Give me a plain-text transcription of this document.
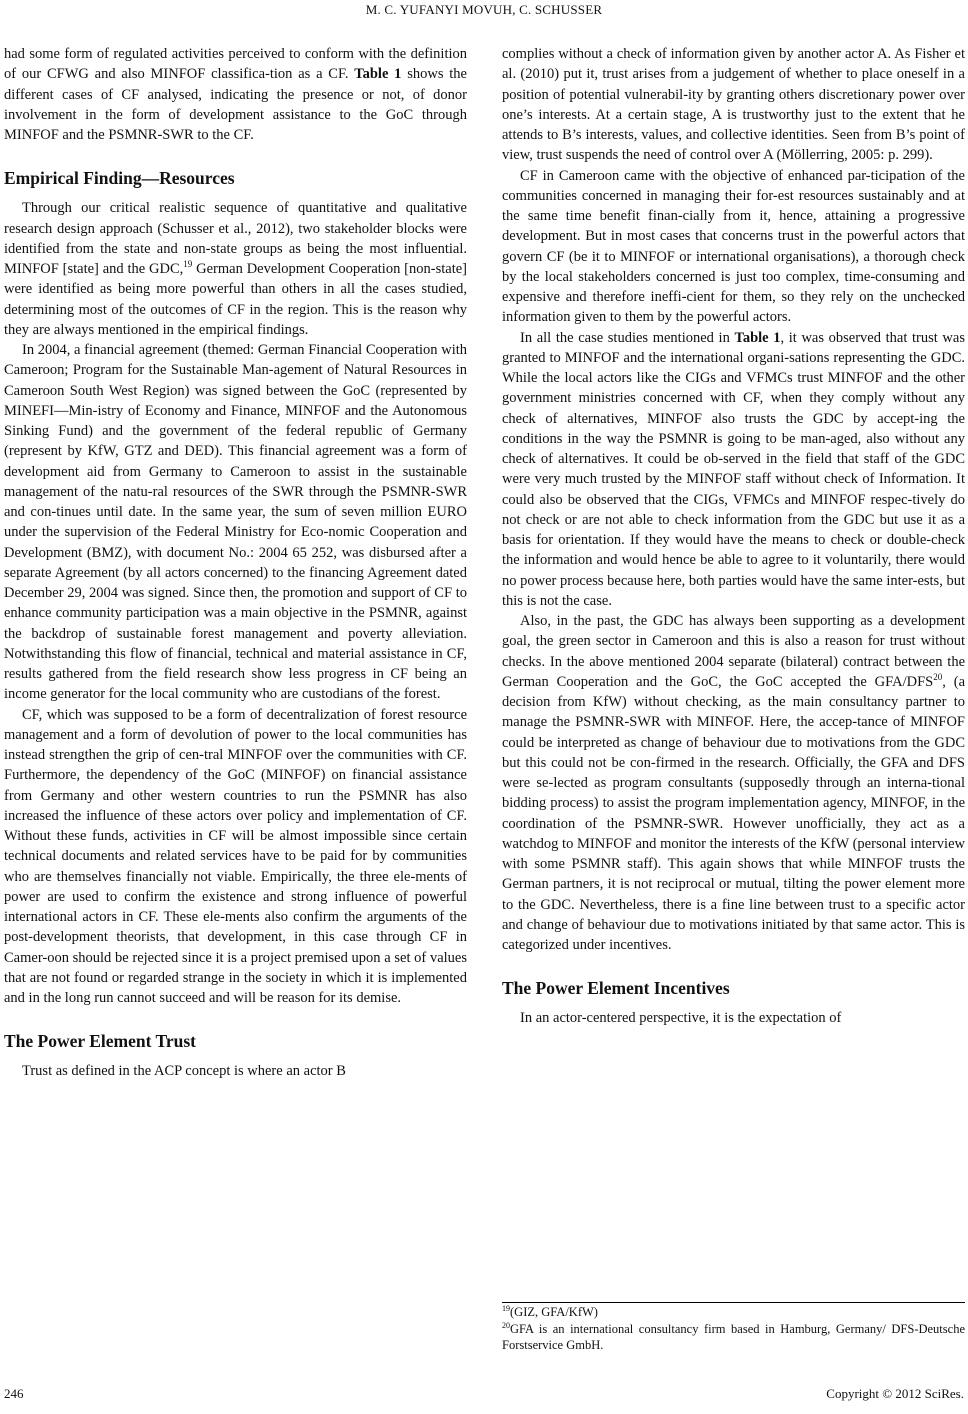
M. C. YUFANYI MOVUH, C. SCHUSSER

had some form of regulated activities perceived to conform with the definition of our CFWG and also MINFOF classifica-tion as a CF. Table 1 shows the different cases of CF analysed, indicating the presence or not, of donor involvement in the form of development assistance to the GoC through MINFOF and the PSMNR-SWR to the CF.

Empirical Finding—Resources

Through our critical realistic sequence of quantitative and qualitative research design approach (Schusser et al., 2012), two stakeholder blocks were identified from the state and non-state groups as being the most influential. MINFOF [state] and the GDC,$^{19}$ German Development Cooperation [non-state] were identified as being more powerful than others in all the cases studied, determining most of the outcomes of CF in the region. This is the reason why they are always mentioned in the empirical findings.

In 2004, a financial agreement (themed: German Financial Cooperation with Cameroon; Program for the Sustainable Man-agement of Natural Resources in Cameroon South West Region) was signed between the GoC (represented by MINEFI—Min-istry of Economy and Finance, MINFOF and the Autonomous Sinking Fund) and the government of the federal republic of Germany (represent by KfW, GTZ and DED). This financial agreement was a form of development aid from Germany to Cameroon to assist in the sustainable management of the natu-ral resources of the SWR through the PSMNR-SWR and con-tinues until date. In the same year, the sum of seven million EURO under the supervision of the Federal Ministry for Eco-nomic Cooperation and Development (BMZ), with document No.: 2004 65 252, was disbursed after a separate Agreement (by all actors concerned) to the financing Agreement dated December 29, 2004 was signed. Since then, the promotion and support of CF to enhance community participation was a main objective in the PSMNR, against the backdrop of sustainable forest management and poverty alleviation. Notwithstanding this flow of financial, technical and material assistance in CF, results gathered from the field research show less progress in CF being an income generator for the local community who are custodians of the forest.

CF, which was supposed to be a form of decentralization of forest resource management and a form of devolution of power to the local communities has instead strengthen the grip of cen-tral MINFOF over the communities with CF. Furthermore, the dependency of the GoC (MINFOF) on financial assistance from Germany and other western countries to run the PSMNR has also increased the influence of these actors over policy and implementation of CF. Without these funds, activities in CF will be almost impossible since certain technical documents and related services have to be paid for by communities who are themselves financially not viable. Empirically, the three ele-ments of power are used to confirm the existence and strong influence of powerful international actors in CF. These ele-ments also confirm the arguments of the post-development theorists, that development, in this case through CF in Camer-oon should be rejected since it is a project premised upon a set of values that are not found or regarded strange in the society in which it is implemented and in the long run cannot succeed and will be reason for its demise.

The Power Element Trust

Trust as defined in the ACP concept is where an actor B

complies without a check of information given by another actor A. As Fisher et al. (2010) put it, trust arises from a judgement of whether to place oneself in a position of potential vulnerabil-ity by granting others discretionary power over one’s interests. At a certain stage, A is trustworthy just to the extent that he attends to B’s interests, values, and collective identities. Seen from B’s point of view, trust suspends the need of control over A (Möllerring, 2005: p. 299).

CF in Cameroon came with the objective of enhanced par-ticipation of the communities concerned in managing their for-est resources sustainably and at the same time benefit finan-cially from it, hence, attaining a progressive development. But in most cases that concerns trust in the powerful actors that govern CF (be it to MINFOF or international organisations), a thorough check by the local stakeholders concerned is just too complex, time-consuming and expensive and therefore ineffi-cient for them, so they rely on the unchecked information given to them by the powerful actors.

In all the case studies mentioned in Table 1, it was observed that trust was granted to MINFOF and the international organi-sations representing the GDC. While the local actors like the CIGs and VFMCs trust MINFOF and the other government ministries concerned with CF, when they comply without any check of alternatives, MINFOF also trusts the GDC by accept-ing the conditions in the way the PSMNR is going to be man-aged, also without any check of alternatives. It could be ob-served in the field that staff of the GDC were very much trusted by the MINFOF staff without check of Information. It could also be observed that the CIGs, VFMCs and MINFOF respec-tively do not check or are not able to check information from the GDC but use it as a basis for orientation. If they would have the means to check or double-check the information and would hence be able to agree to it voluntarily, there would no power process because here, both parties would have the same inter-ests, but this is not the case.

Also, in the past, the GDC has always been supporting as a development goal, the green sector in Cameroon and this is also a reason for trust without checks. In the above mentioned 2004 separate (bilateral) contract between the German Cooperation and the GoC, the GoC accepted the GFA/DFS$^{20}$, (a decision from KfW) without checking, as the main consultancy partner to manage the PSMNR-SWR with MINFOF. Here, the accep-tance of MINFOF could be interpreted as change of behaviour due to motivations from the GDC but this could not be con-firmed in the research. Officially, the GFA and DFS were se-lected as program consultants (supposedly through an interna-tional bidding process) to assist the program implementation agency, MINFOF, in the coordination of the PSMNR-SWR. However unofficially, they act as a watchdog to MINFOF and monitor the interests of the KfW (personal interview with some PSMNR staff). This again shows that while MINFOF trusts the German partners, it is not reciprocal or mutual, tilting the power element more to the GDC. Nevertheless, there is a fine line between trust to a specific actor and change of behaviour due to motivations initiated by that same actor. This is categorized under incentives.

The Power Element Incentives

In an actor-centered perspective, it is the expectation of

$^{19}$(GIZ, GFA/KfW)

$^{20}$GFA is an international consultancy firm based in Hamburg, Germany/ DFS-Deutsche Forstservice GmbH.

246	Copyright © 2012 SciRes.
